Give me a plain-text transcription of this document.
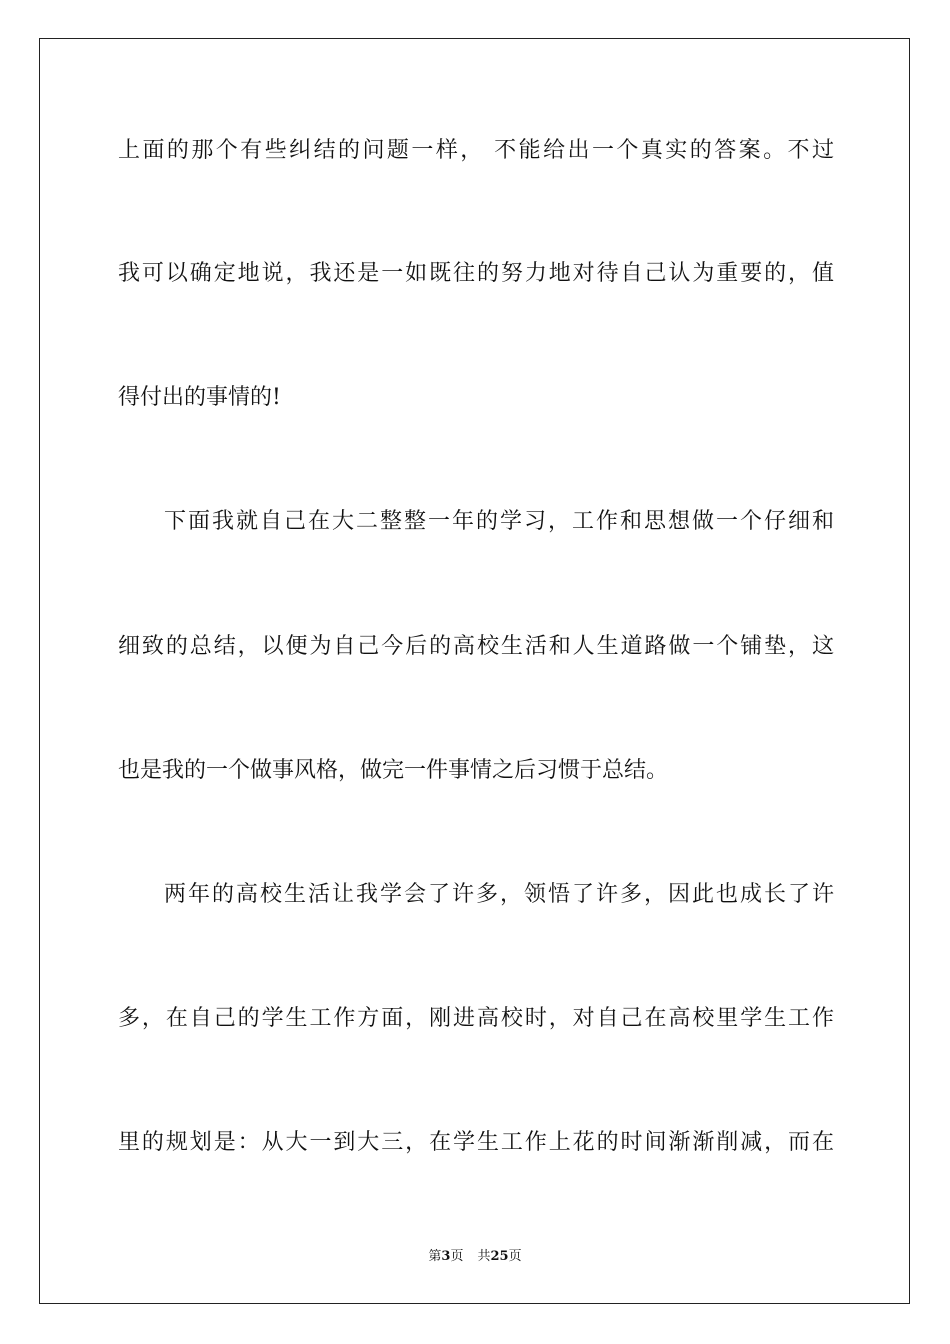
上面的那个有些纠结的问题一样， 不能给出一个真实的答案。不过
我可以确定地说，我还是一如既往的努力地对待自己认为重要的，值
得付出的事情的!
下面我就自己在大二整整一年的学习，工作和思想做一个仔细和
细致的总结，以便为自己今后的高校生活和人生道路做一个铺垫，这
也是我的一个做事风格，做完一件事情之后习惯于总结。
两年的高校生活让我学会了许多，领悟了许多，因此也成长了许
多，在自己的学生工作方面，刚进高校时，对自己在高校里学生工作
里的规划是：从大一到大三，在学生工作上花的时间渐渐削减，而在
第3页 共25页
